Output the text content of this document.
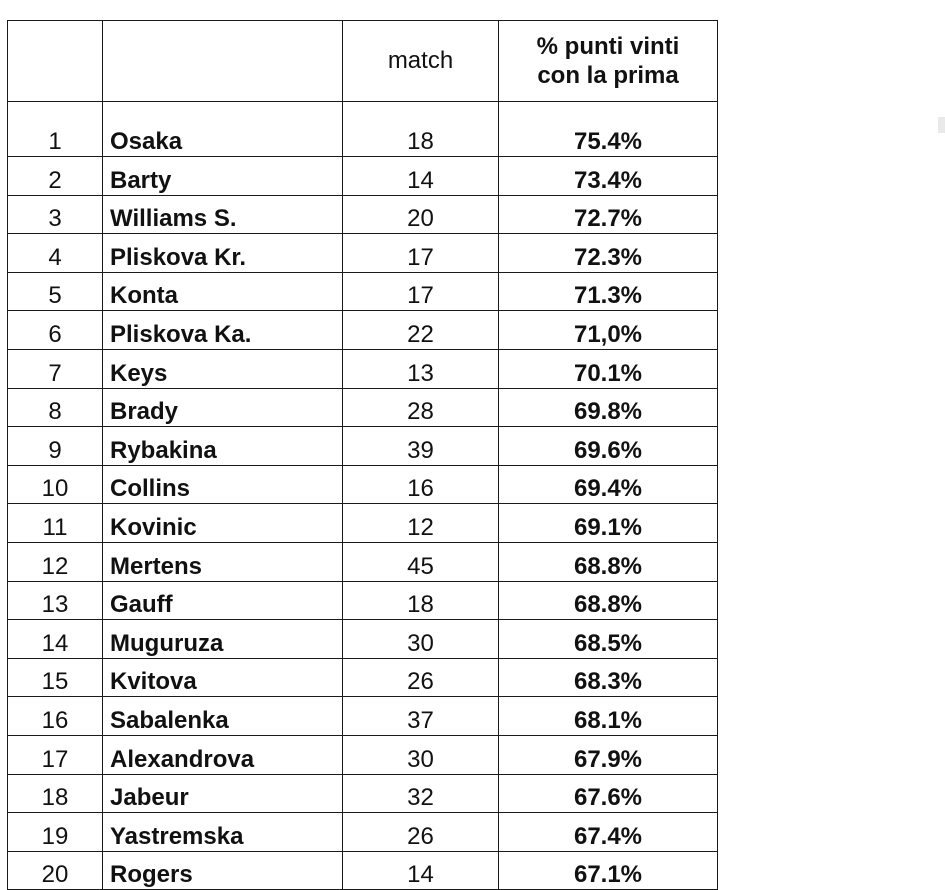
		match	% punti vinti
con la prima

1	Osaka	18	75.4%
2	Barty	14	73.4%
3	Williams S.	20	72.7%
4	Pliskova Kr.	17	72.3%
5	Konta	17	71.3%
6	Pliskova Ka.	22	71,0%
7	Keys	13	70.1%
8	Brady	28	69.8%
9	Rybakina	39	69.6%
10	Collins	16	69.4%
11	Kovinic	12	69.1%
12	Mertens	45	68.8%
13	Gauff	18	68.8%
14	Muguruza	30	68.5%
15	Kvitova	26	68.3%
16	Sabalenka	37	68.1%
17	Alexandrova	30	67.9%
18	Jabeur	32	67.6%
19	Yastremska	26	67.4%
20	Rogers	14	67.1%
